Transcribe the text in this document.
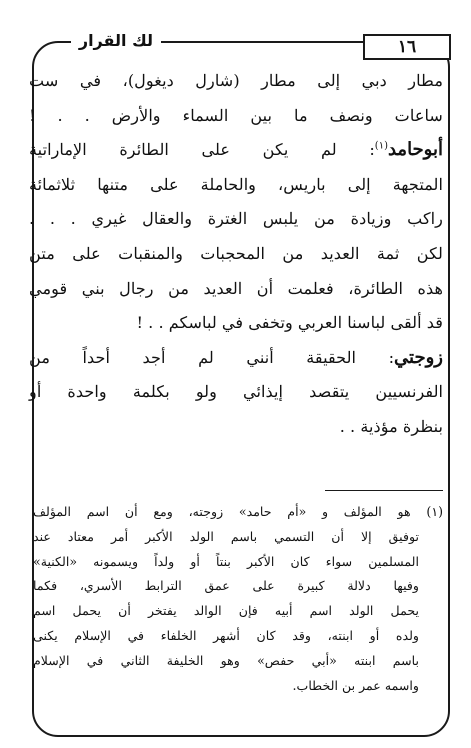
١٦
لك القرار
مطار دبي إلى مطار (شارل ديغول)، في ست
ساعات ونصف ما بين السماء والأرض . . !
أبوحامد$^{(١)}$: لم يكن على الطائرة الإماراتية
المتجهة إلى باريس، والحاملة على متنها ثلاثمائة
راكب وزيادة من يلبس الغترة والعقال غيري . . .
لكن ثمة العديد من المحجبات والمنقبات على متن
هذه الطائرة، فعلمت أن العديد من رجال بني قومي
قد ألقى لباسنا العربي وتخفى في لباسكم . . !
زوجتي: الحقيقة أنني لم أجد أحداً من
الفرنسيين يتقصد إيذائي ولو بكلمة واحدة أو
بنظرة مؤذية . .
(١) هو المؤلف و «أم حامد» زوجته، ومع أن اسم المؤلف
توفيق إلا أن التسمي باسم الولد الأكبر أمر معتاد عند
المسلمين سواء كان الأكبر بنتاً أو ولداً ويسمونه «الكنية»
وفيها دلالة كبيرة على عمق الترابط الأسري، فكما
يحمل الولد اسم أبيه فإن الوالد يفتخر أن يحمل اسم
ولده أو ابنته، وقد كان أشهر الخلفاء في الإسلام يكنى
باسم ابنته «أبي حفص» وهو الخليفة الثاني في الإسلام
واسمه عمر بن الخطاب.
